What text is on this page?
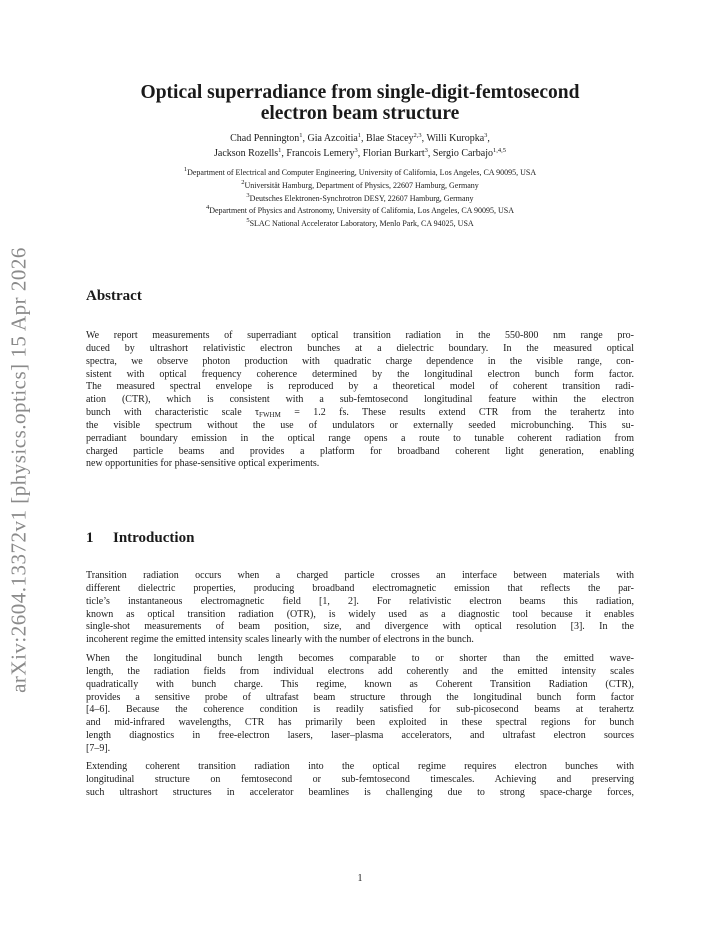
arXiv:2604.13372v1 [physics.optics] 15 Apr 2026
Optical superradiance from single-digit-femtosecond
electron beam structure
Chad Pennington$^1$, Gia Azcoitia$^1$, Blae Stacey$^{2,3}$, Willi Kuropka$^3$,
Jackson Rozells$^1$, Francois Lemery$^3$, Florian Burkart$^3$, Sergio Carbajo$^{1,4,5}$
$^1$Department of Electrical and Computer Engineering, University of California, Los Angeles, CA 90095, USA
$^2$Universität Hamburg, Department of Physics, 22607 Hamburg, Germany
$^3$Deutsches Elektronen-Synchrotron DESY, 22607 Hamburg, Germany
$^4$Department of Physics and Astronomy, University of California, Los Angeles, CA 90095, USA
$^5$SLAC National Accelerator Laboratory, Menlo Park, CA 94025, USA
Abstract
We report measurements of superradiant optical transition radiation in the 550-800 nm range pro-
duced by ultrashort relativistic electron bunches at a dielectric boundary. In the measured optical
spectra, we observe photon production with quadratic charge dependence in the visible range, con-
sistent with optical frequency coherence determined by the longitudinal electron bunch form factor.
The measured spectral envelope is reproduced by a theoretical model of coherent transition radi-
ation (CTR), which is consistent with a sub-femtosecond longitudinal feature within the electron
bunch with characteristic scale $\tau_{FWHM} = 1.2$ fs. These results extend CTR from the terahertz into
the visible spectrum without the use of undulators or externally seeded microbunching. This su-
perradiant boundary emission in the optical range opens a route to tunable coherent radiation from
charged particle beams and provides a platform for broadband coherent light generation, enabling
new opportunities for phase-sensitive optical experiments.
1 Introduction
Transition radiation occurs when a charged particle crosses an interface between materials with
different dielectric properties, producing broadband electromagnetic emission that reflects the par-
ticle’s instantaneous electromagnetic field [1, 2]. For relativistic electron beams this radiation,
known as optical transition radiation (OTR), is widely used as a diagnostic tool because it enables
single-shot measurements of beam position, size, and divergence with optical resolution [3]. In the
incoherent regime the emitted intensity scales linearly with the number of electrons in the bunch.
When the longitudinal bunch length becomes comparable to or shorter than the emitted wave-
length, the radiation fields from individual electrons add coherently and the emitted intensity scales
quadratically with bunch charge. This regime, known as Coherent Transition Radiation (CTR),
provides a sensitive probe of ultrafast beam structure through the longitudinal bunch form factor
[4–6]. Because the coherence condition is readily satisfied for sub-picosecond beams at terahertz
and mid-infrared wavelengths, CTR has primarily been exploited in these spectral regions for bunch
length diagnostics in free-electron lasers, laser–plasma accelerators, and ultrafast electron sources
[7–9].
Extending coherent transition radiation into the optical regime requires electron bunches with
longitudinal structure on femtosecond or sub-femtosecond timescales. Achieving and preserving
such ultrashort structures in accelerator beamlines is challenging due to strong space-charge forces,
1
